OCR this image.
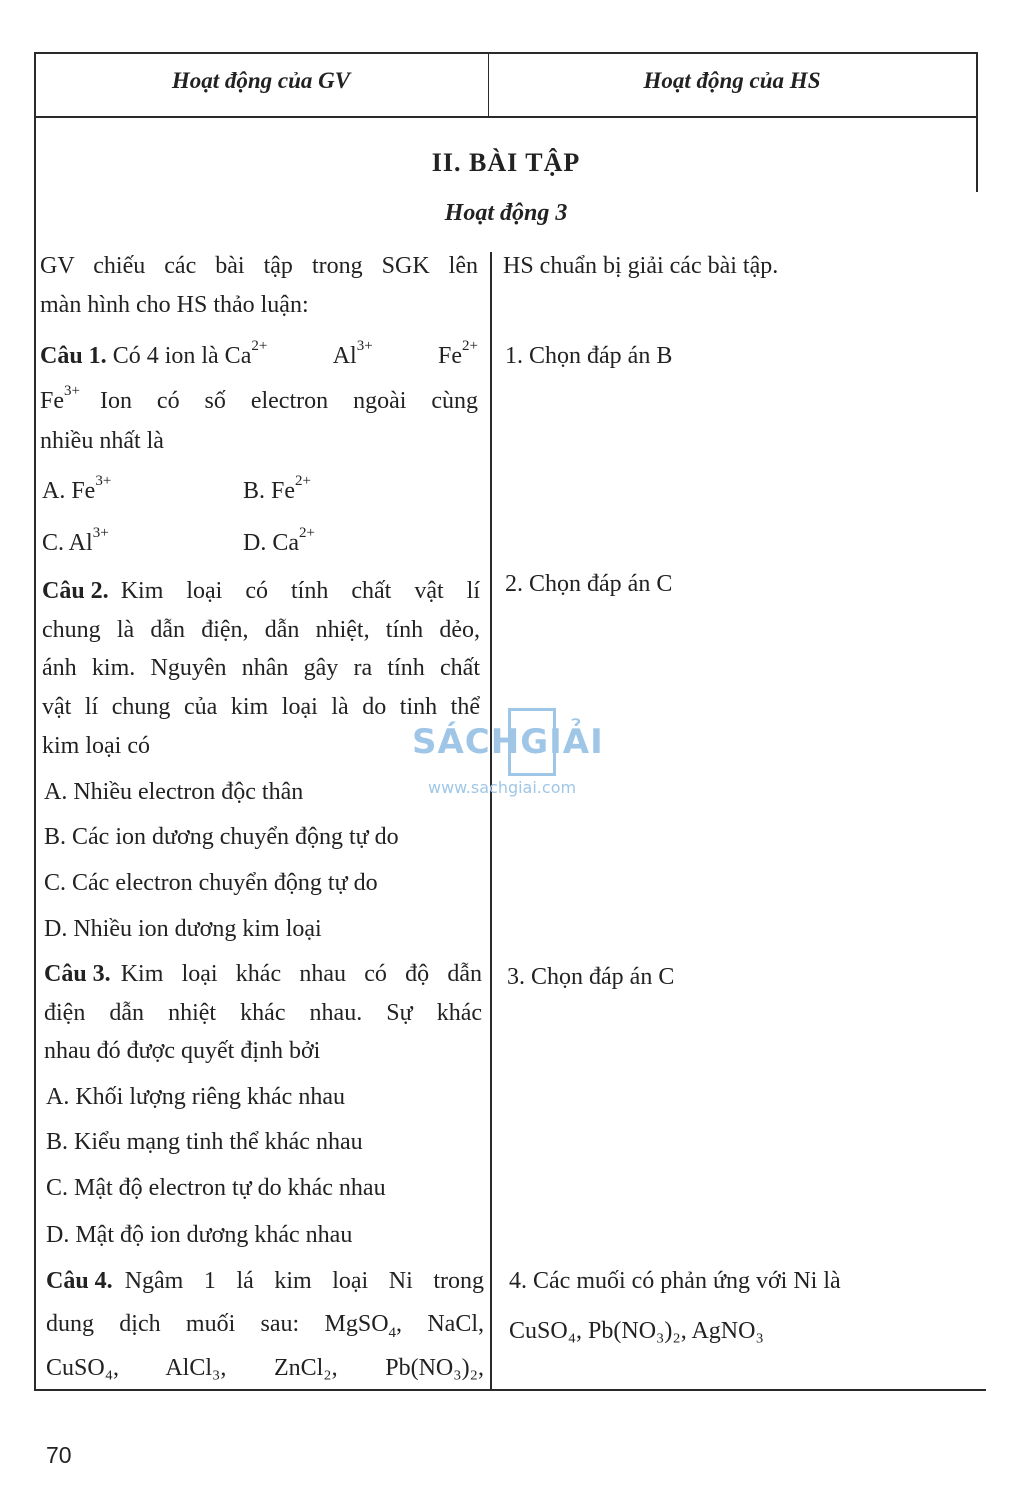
Hoạt động của GV	Hoạt động của HS
II. BÀI TẬP
Hoạt động 3
GV chiếu các bài tập trong SGK lên
màn hình cho HS thảo luận:
HS chuẩn bị giải các bài tập.
Câu 1. Có 4 ion là $Ca^{2+}$	$Al^{3+}$	$Fe^{2+}$
$Fe^{3+}$ Ion có số electron ngoài cùng
nhiều nhất là
A. $Fe^{3+}$	B. $Fe^{2+}$
C. $Al^{3+}$	D. $Ca^{2+}$
1. Chọn đáp án B
Câu 2. Kim loại có tính chất vật lí
chung là dẫn điện, dẫn nhiệt, tính dẻo,
ánh kim. Nguyên nhân gây ra tính chất
vật lí chung của kim loại là do tinh thể
kim loại có
A. Nhiều electron độc thân
B. Các ion dương chuyển động tự do
C. Các electron chuyển động tự do
D. Nhiều ion dương kim loại
2. Chọn đáp án C
Câu 3. Kim loại khác nhau có độ dẫn
điện dẫn nhiệt khác nhau. Sự khác
nhau đó được quyết định bởi
A. Khối lượng riêng khác nhau
B. Kiểu mạng tinh thể khác nhau
C. Mật độ electron tự do khác nhau
D. Mật độ ion dương khác nhau
3. Chọn đáp án C
Câu 4. Ngâm 1 lá kim loại Ni trong
dung dịch muối sau: MgSO$_4$, NaCl,
CuSO₄, AlCl₃, ZnCl₂, Pb(NO₃)₂,
4. Các muối có phản ứng với Ni là
CuSO₄, Pb(NO₃)₂, AgNO₃
SÁCHGIẢI
www.sachgiai.com
70
